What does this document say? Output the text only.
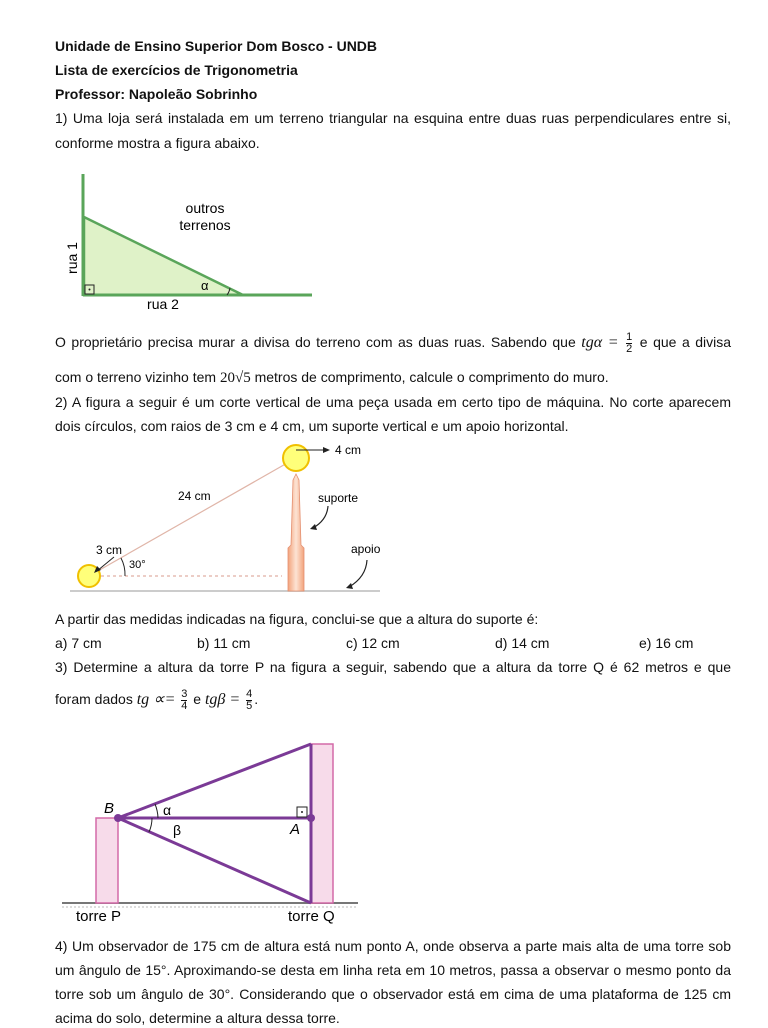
Unidade de Ensino Superior Dom Bosco - UNDB
Lista de exercícios de Trigonometria
Professor: Napoleão Sobrinho
1) Uma loja será instalada em um terreno triangular na esquina entre duas ruas perpendiculares entre si,
conforme mostra a figura abaixo.
outros
terrenos
α
rua 2
rua 1
O proprietário precisa murar a divisa do terreno com as duas ruas. Sabendo que $tg\alpha = \frac{1}{2}$ e que a divisa
com o terreno vizinho tem 20√5 metros de comprimento, calcule o comprimento do muro.
2) A figura a seguir é um corte vertical de uma peça usada em certo tipo de máquina. No corte aparecem
dois círculos, com raios de 3 cm e 4 cm, um suporte vertical e um apoio horizontal.
4 cm
24 cm	suporte
apoio
3 cm
30°
A partir das medidas indicadas na figura, conclui-se que a altura do suporte é:
a) 7 cm	b) 11 cm	c) 12 cm	d) 14 cm	e) 16 cm
3) Determine a altura da torre P na figura a seguir, sabendo que a altura da torre Q é 62 metros e que
foram dados tg ∝= $\frac{3}{4}$ e $tg\beta = \frac{4}{5}$ .
B
A
α
β
torre P	torre Q
4) Um observador de 175 cm de altura está num ponto A, onde observa a parte mais alta de uma torre sob
um ângulo de 15°. Aproximando-se desta em linha reta em 10 metros, passa a observar o mesmo ponto da
torre sob um ângulo de 30°. Considerando que o observador está em cima de uma plataforma de 125 cm
acima do solo, determine a altura dessa torre.
